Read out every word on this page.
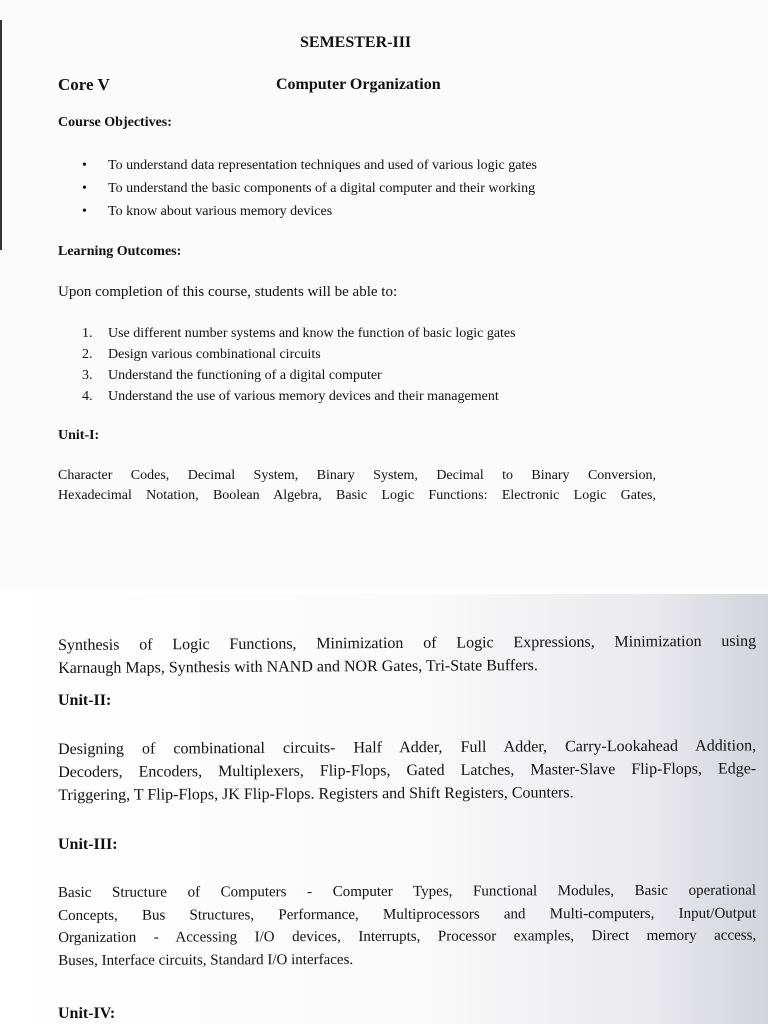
SEMESTER-III
Core V	Computer Organization
Course Objectives:
•	To understand data representation techniques and used of various logic gates
•	To understand the basic components of a digital computer and their working
•	To know about various memory devices
Learning Outcomes:
Upon completion of this course, students will be able to:
1.	Use different number systems and know the function of basic logic gates
2.	Design various combinational circuits
3.	Understand the functioning of a digital computer
4.	Understand the use of various memory devices and their management
Unit-I:
Character Codes, Decimal System, Binary System, Decimal to Binary Conversion,
Hexadecimal Notation, Boolean Algebra, Basic Logic Functions: Electronic Logic Gates,
Synthesis of Logic Functions, Minimization of Logic Expressions, Minimization using
Karnaugh Maps, Synthesis with NAND and NOR Gates, Tri-State Buffers.
Unit-II:
Designing of combinational circuits- Half Adder, Full Adder, Carry-Lookahead Addition,
Decoders, Encoders, Multiplexers, Flip-Flops, Gated Latches, Master-Slave Flip-Flops, Edge-
Triggering, T Flip-Flops, JK Flip-Flops. Registers and Shift Registers, Counters.
Unit-III:
Basic Structure of Computers - Computer Types, Functional Modules, Basic operational
Concepts, Bus Structures, Performance, Multiprocessors and Multi-computers, Input/Output
Organization - Accessing I/O devices, Interrupts, Processor examples, Direct memory access,
Buses, Interface circuits, Standard I/O interfaces.
Unit-IV:
